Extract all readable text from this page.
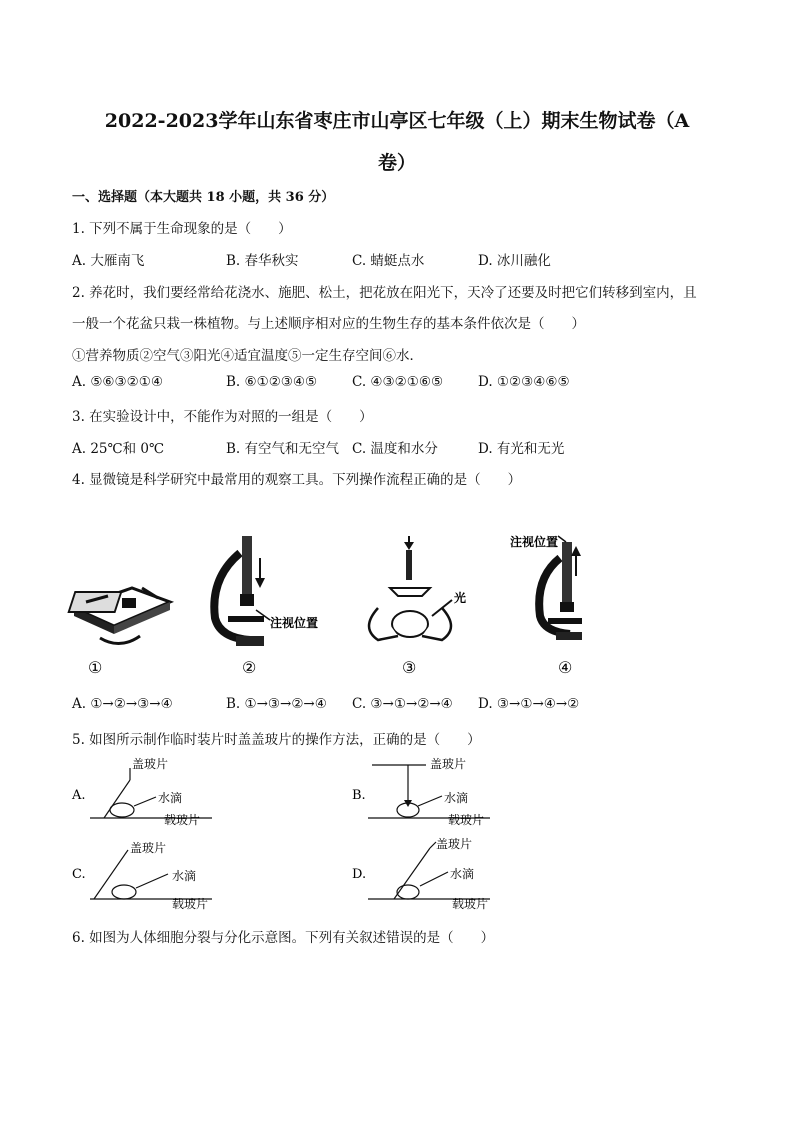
2022-2023学年山东省枣庄市山亭区七年级（上）期末生物试卷（A
卷）
一、选择题（本大题共 18 小题，共 36 分）
1. 下列不属于生命现象的是（　　）
A. 大雁南飞	B. 春华秋实	C. 蜻蜓点水	D. 冰川融化
2. 养花时，我们要经常给花浇水、施肥、松土，把花放在阳光下，天冷了还要及时把它们转移到室内，且
一般一个花盆只栽一株植物。与上述顺序相对应的生物生存的基本条件依次是（　　）
①营养物质②空气③阳光④适宜温度⑤一定生存空间⑥水．
A. ⑤⑥③②①④	B. ⑥①②③④⑤	C. ④③②①⑥⑤	D. ①②③④⑥⑤
3. 在实验设计中，不能作为对照的一组是（　　）
A. 25℃和 0℃	B. 有空气和无空气 C. 温度和水分	D. 有光和无光
4. 显微镜是科学研究中最常用的观察工具。下列操作流程正确的是（　　）
注视位置
光
注视位置
①	②	③	④
A. ①→②→③→④	B. ①→③→②→④ C. ③→①→②→④ D. ③→①→④→②
5. 如图所示制作临时装片时盖盖玻片的操作方法，正确的是（　　）
A.
盖玻片
水滴
载玻片
B.
盖玻片
水滴
载玻片
C.
盖玻片
水滴
载玻片
D.
盖玻片
水滴
载玻片
6. 如图为人体细胞分裂与分化示意图。下列有关叙述错误的是（　　）
